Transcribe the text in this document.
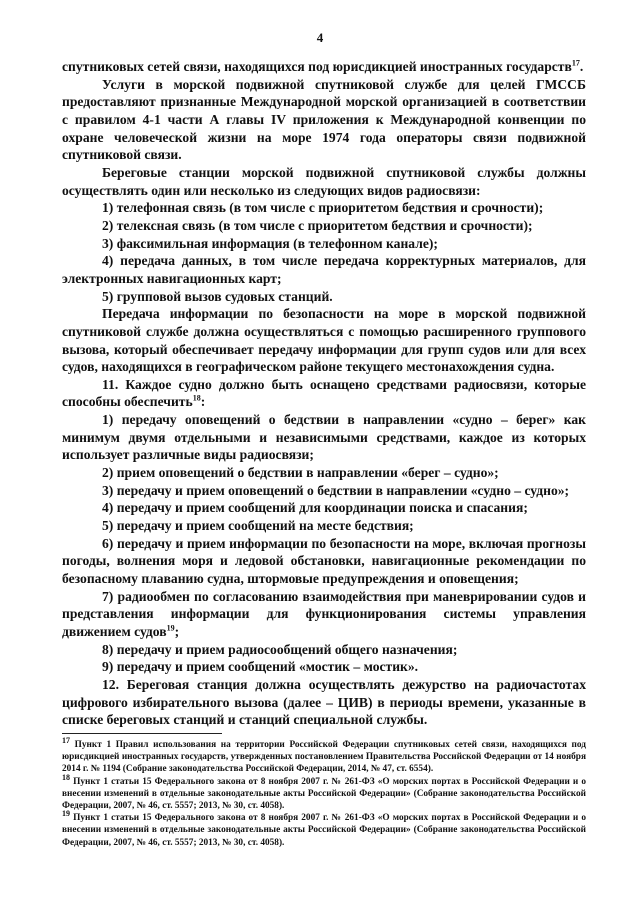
4

спутниковых сетей связи, находящихся под юрисдикцией иностранных государств$^{17}$.

Услуги в морской подвижной спутниковой службе для целей ГМССБ предоставляют признанные Международной морской организацией в соответствии с правилом 4-1 части А главы IV приложения к Международной конвенции по охране человеческой жизни на море 1974 года операторы связи подвижной спутниковой связи.

Береговые станции морской подвижной спутниковой службы должны осуществлять один или несколько из следующих видов радиосвязи:

1) телефонная связь (в том числе с приоритетом бедствия и срочности);

2) телексная связь (в том числе с приоритетом бедствия и срочности);

3) факсимильная информация (в телефонном канале);

4) передача данных, в том числе передача корректурных материалов, для электронных навигационных карт;

5) групповой вызов судовых станций.

Передача информации по безопасности на море в морской подвижной спутниковой службе должна осуществляться с помощью расширенного группового вызова, который обеспечивает передачу информации для групп судов или для всех судов, находящихся в географическом районе текущего местонахождения судна.

11. Каждое судно должно быть оснащено средствами радиосвязи, которые способны обеспечить$^{18}$:

1) передачу оповещений о бедствии в направлении «судно – берег» как минимум двумя отдельными и независимыми средствами, каждое из которых использует различные виды радиосвязи;

2) прием оповещений о бедствии в направлении «берег – судно»;

3) передачу и прием оповещений о бедствии в направлении «судно – судно»;

4) передачу и прием сообщений для координации поиска и спасания;

5) передачу и прием сообщений на месте бедствия;

6) передачу и прием информации по безопасности на море, включая прогнозы погоды, волнения моря и ледовой обстановки, навигационные рекомендации по безопасному плаванию судна, штормовые предупреждения и оповещения;

7) радиообмен по согласованию взаимодействия при маневрировании судов и представления информации для функционирования системы управления движением судов$^{19}$;

8) передачу и прием радиосообщений общего назначения;

9) передачу и прием сообщений «мостик – мостик».

12. Береговая станция должна осуществлять дежурство на радиочастотах цифрового избирательного вызова (далее – ЦИВ) в периоды времени, указанные в списке береговых станций и станций специальной службы.

$^{17}$ Пункт 1 Правил использования на территории Российской Федерации спутниковых сетей связи, находящихся под юрисдикцией иностранных государств, утвержденных постановлением Правительства Российской Федерации от 14 ноября 2014 г. № 1194 (Собрание законодательства Российской Федерации, 2014, № 47, ст. 6554).

$^{18}$ Пункт 1 статьи 15 Федерального закона от 8 ноября 2007 г. № 261-ФЗ «О морских портах в Российской Федерации и о внесении изменений в отдельные законодательные акты Российской Федерации» (Собрание законодательства Российской Федерации, 2007, № 46, ст. 5557; 2013, № 30, ст. 4058).

$^{19}$ Пункт 1 статьи 15 Федерального закона от 8 ноября 2007 г. № 261-ФЗ «О морских портах в Российской Федерации и о внесении изменений в отдельные законодательные акты Российской Федерации» (Собрание законодательства Российской Федерации, 2007, № 46, ст. 5557; 2013, № 30, ст. 4058).
